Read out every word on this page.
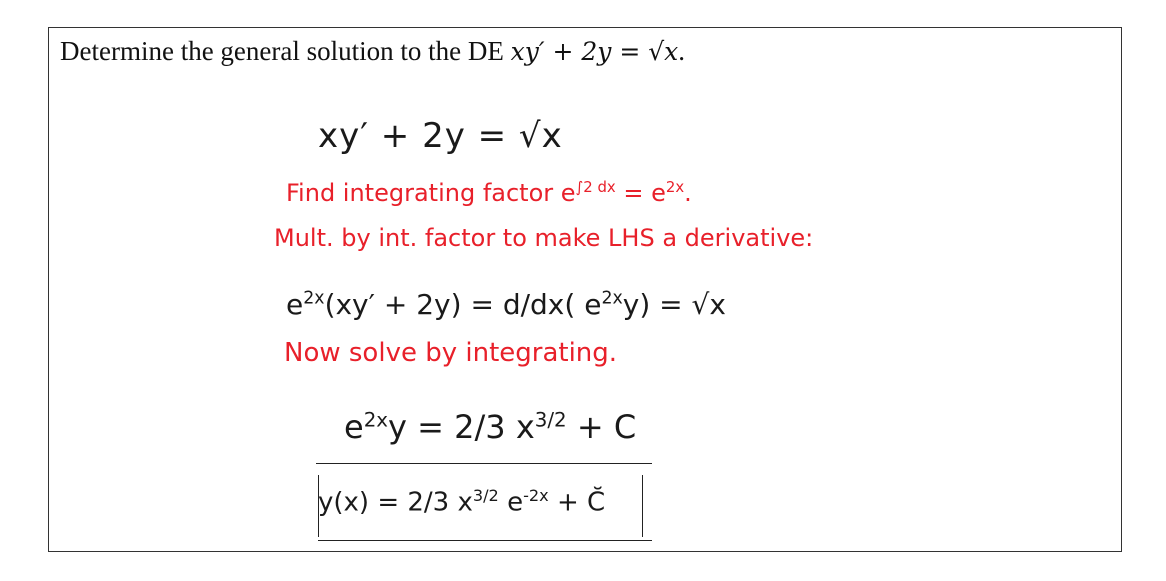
Determine the general solution to the DE xy′ + 2y = √x.
xy′ + 2y = √x
Find integrating factor $e^{\int 2 dx} = e^{2x}$.
Mult. by int. factor to make LHS a derivative:
$e^{2x}(xy' + 2y) = d/dx$( $e^{2x}y) = √x$
Now solve by integrating.
$e^{2x}y = 2/3$ $x^{3/2} + C$
y(x) = 2/3 $x^{3/2}$ $e^{-2x}$ + C̆
